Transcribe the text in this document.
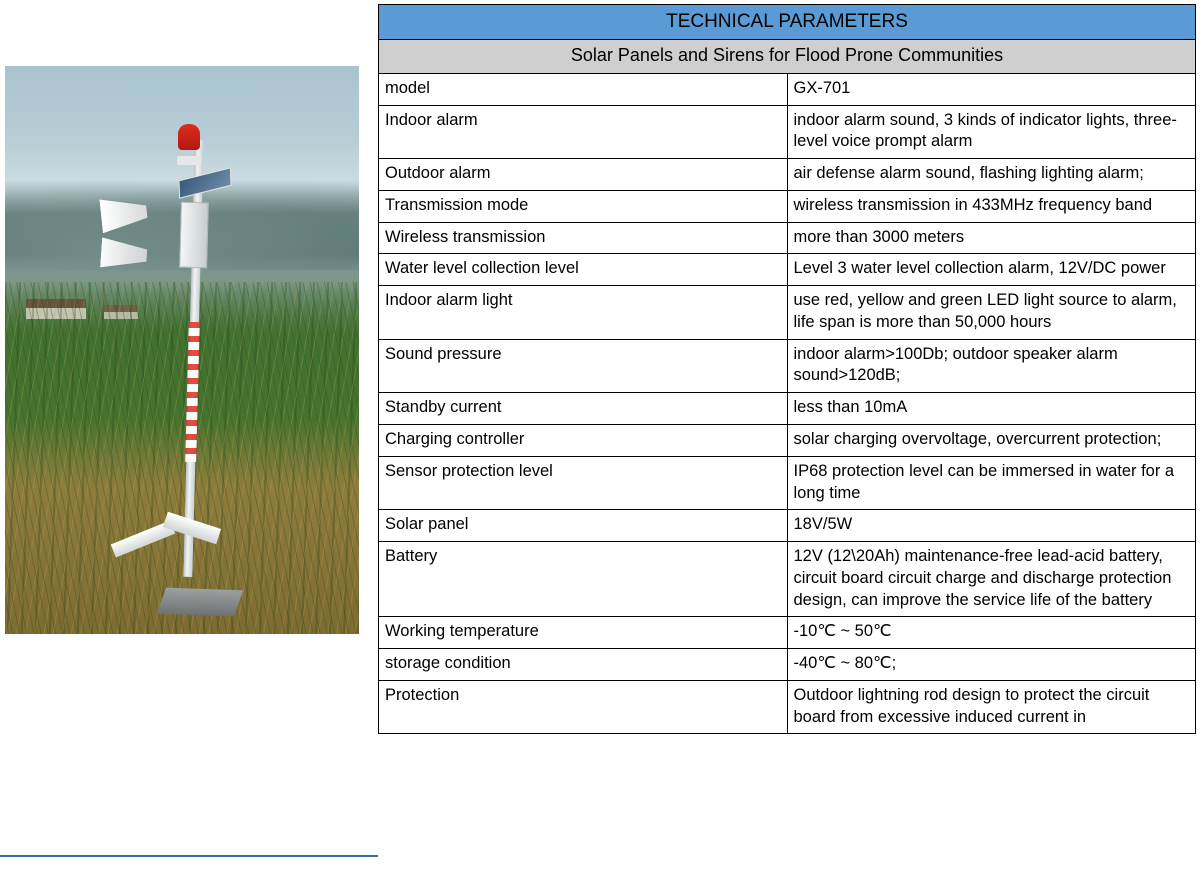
TECHNICAL PARAMETERS	
Solar Panels and Sirens for Flood Prone Communities	
model	GX-701
Indoor alarm	indoor alarm sound, 3 kinds of indicator lights, three-level voice prompt alarm
Outdoor alarm	air defense alarm sound, flashing lighting alarm;
Transmission mode	wireless transmission in 433MHz frequency band
Wireless transmission	more than 3000 meters
Water level collection level	Level 3 water level collection alarm, 12V/DC power
Indoor alarm light	use red, yellow and green LED light source to alarm, life span is more than 50,000 hours
Sound pressure	indoor alarm>100Db; outdoor speaker alarm sound>120dB;
Standby current	less than 10mA
Charging controller	solar charging overvoltage, overcurrent protection;
Sensor protection level	IP68 protection level can be immersed in water for a long time
Solar panel	18V/5W
Battery	12V (12\20Ah) maintenance-free lead-acid battery, circuit board circuit charge and discharge protection design, can improve the service life of the battery
Working temperature	-10℃ ~ 50℃
storage condition	-40℃ ~ 80℃;
Protection	Outdoor lightning rod design to protect the circuit board from excessive induced current in
